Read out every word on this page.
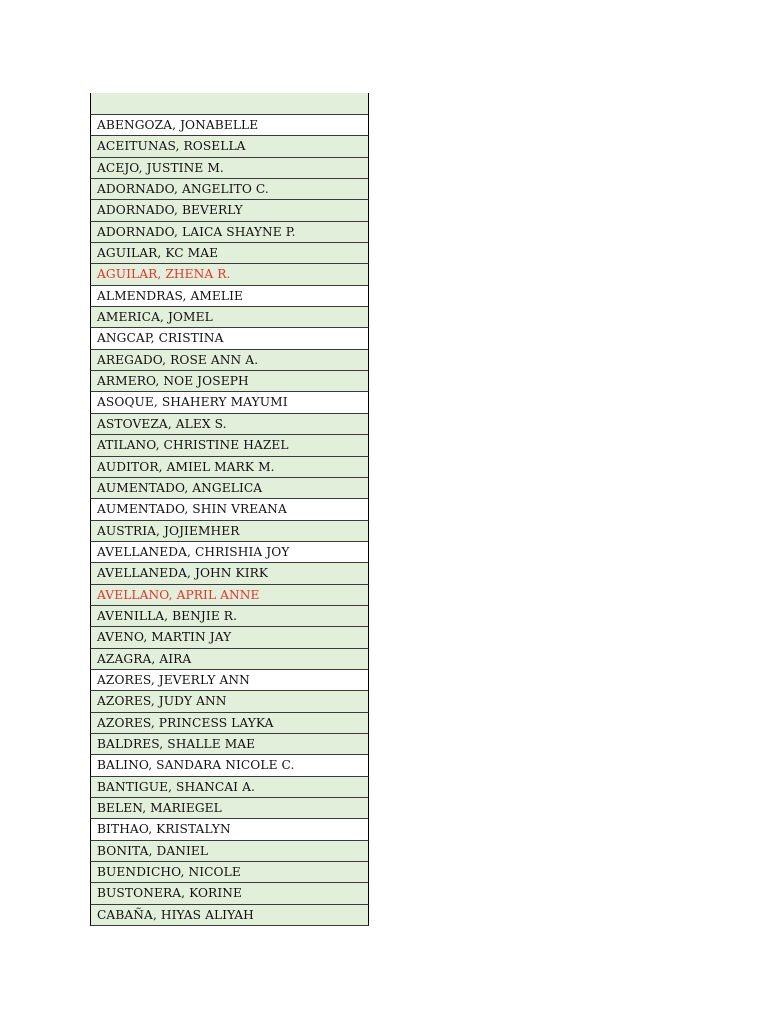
ABENGOZA, JONABELLE
ACEITUNAS, ROSELLA
ACEJO, JUSTINE M.
ADORNADO, ANGELITO C.
ADORNADO, BEVERLY
ADORNADO, LAICA SHAYNE P.
AGUILAR, KC MAE
AGUILAR, ZHENA R.
ALMENDRAS, AMELIE
AMERICA, JOMEL
ANGCAP, CRISTINA
AREGADO, ROSE ANN A.
ARMERO, NOE JOSEPH
ASOQUE, SHAHERY MAYUMI
ASTOVEZA, ALEX S.
ATILANO, CHRISTINE HAZEL
AUDITOR, AMIEL MARK M.
AUMENTADO, ANGELICA
AUMENTADO, SHIN VREANA
AUSTRIA, JOJIEMHER
AVELLANEDA, CHRISHIA JOY
AVELLANEDA, JOHN KIRK
AVELLANO, APRIL ANNE
AVENILLA, BENJIE R.
AVENO, MARTIN JAY
AZAGRA, AIRA
AZORES, JEVERLY ANN
AZORES, JUDY ANN
AZORES, PRINCESS LAYKA
BALDRES, SHALLE MAE
BALINO, SANDARA NICOLE C.
BANTIGUE, SHANCAI A.
BELEN, MARIEGEL
BITHAO, KRISTALYN
BONITA, DANIEL
BUENDICHO, NICOLE
BUSTONERA, KORINE
CABAÑA, HIYAS ALIYAH
